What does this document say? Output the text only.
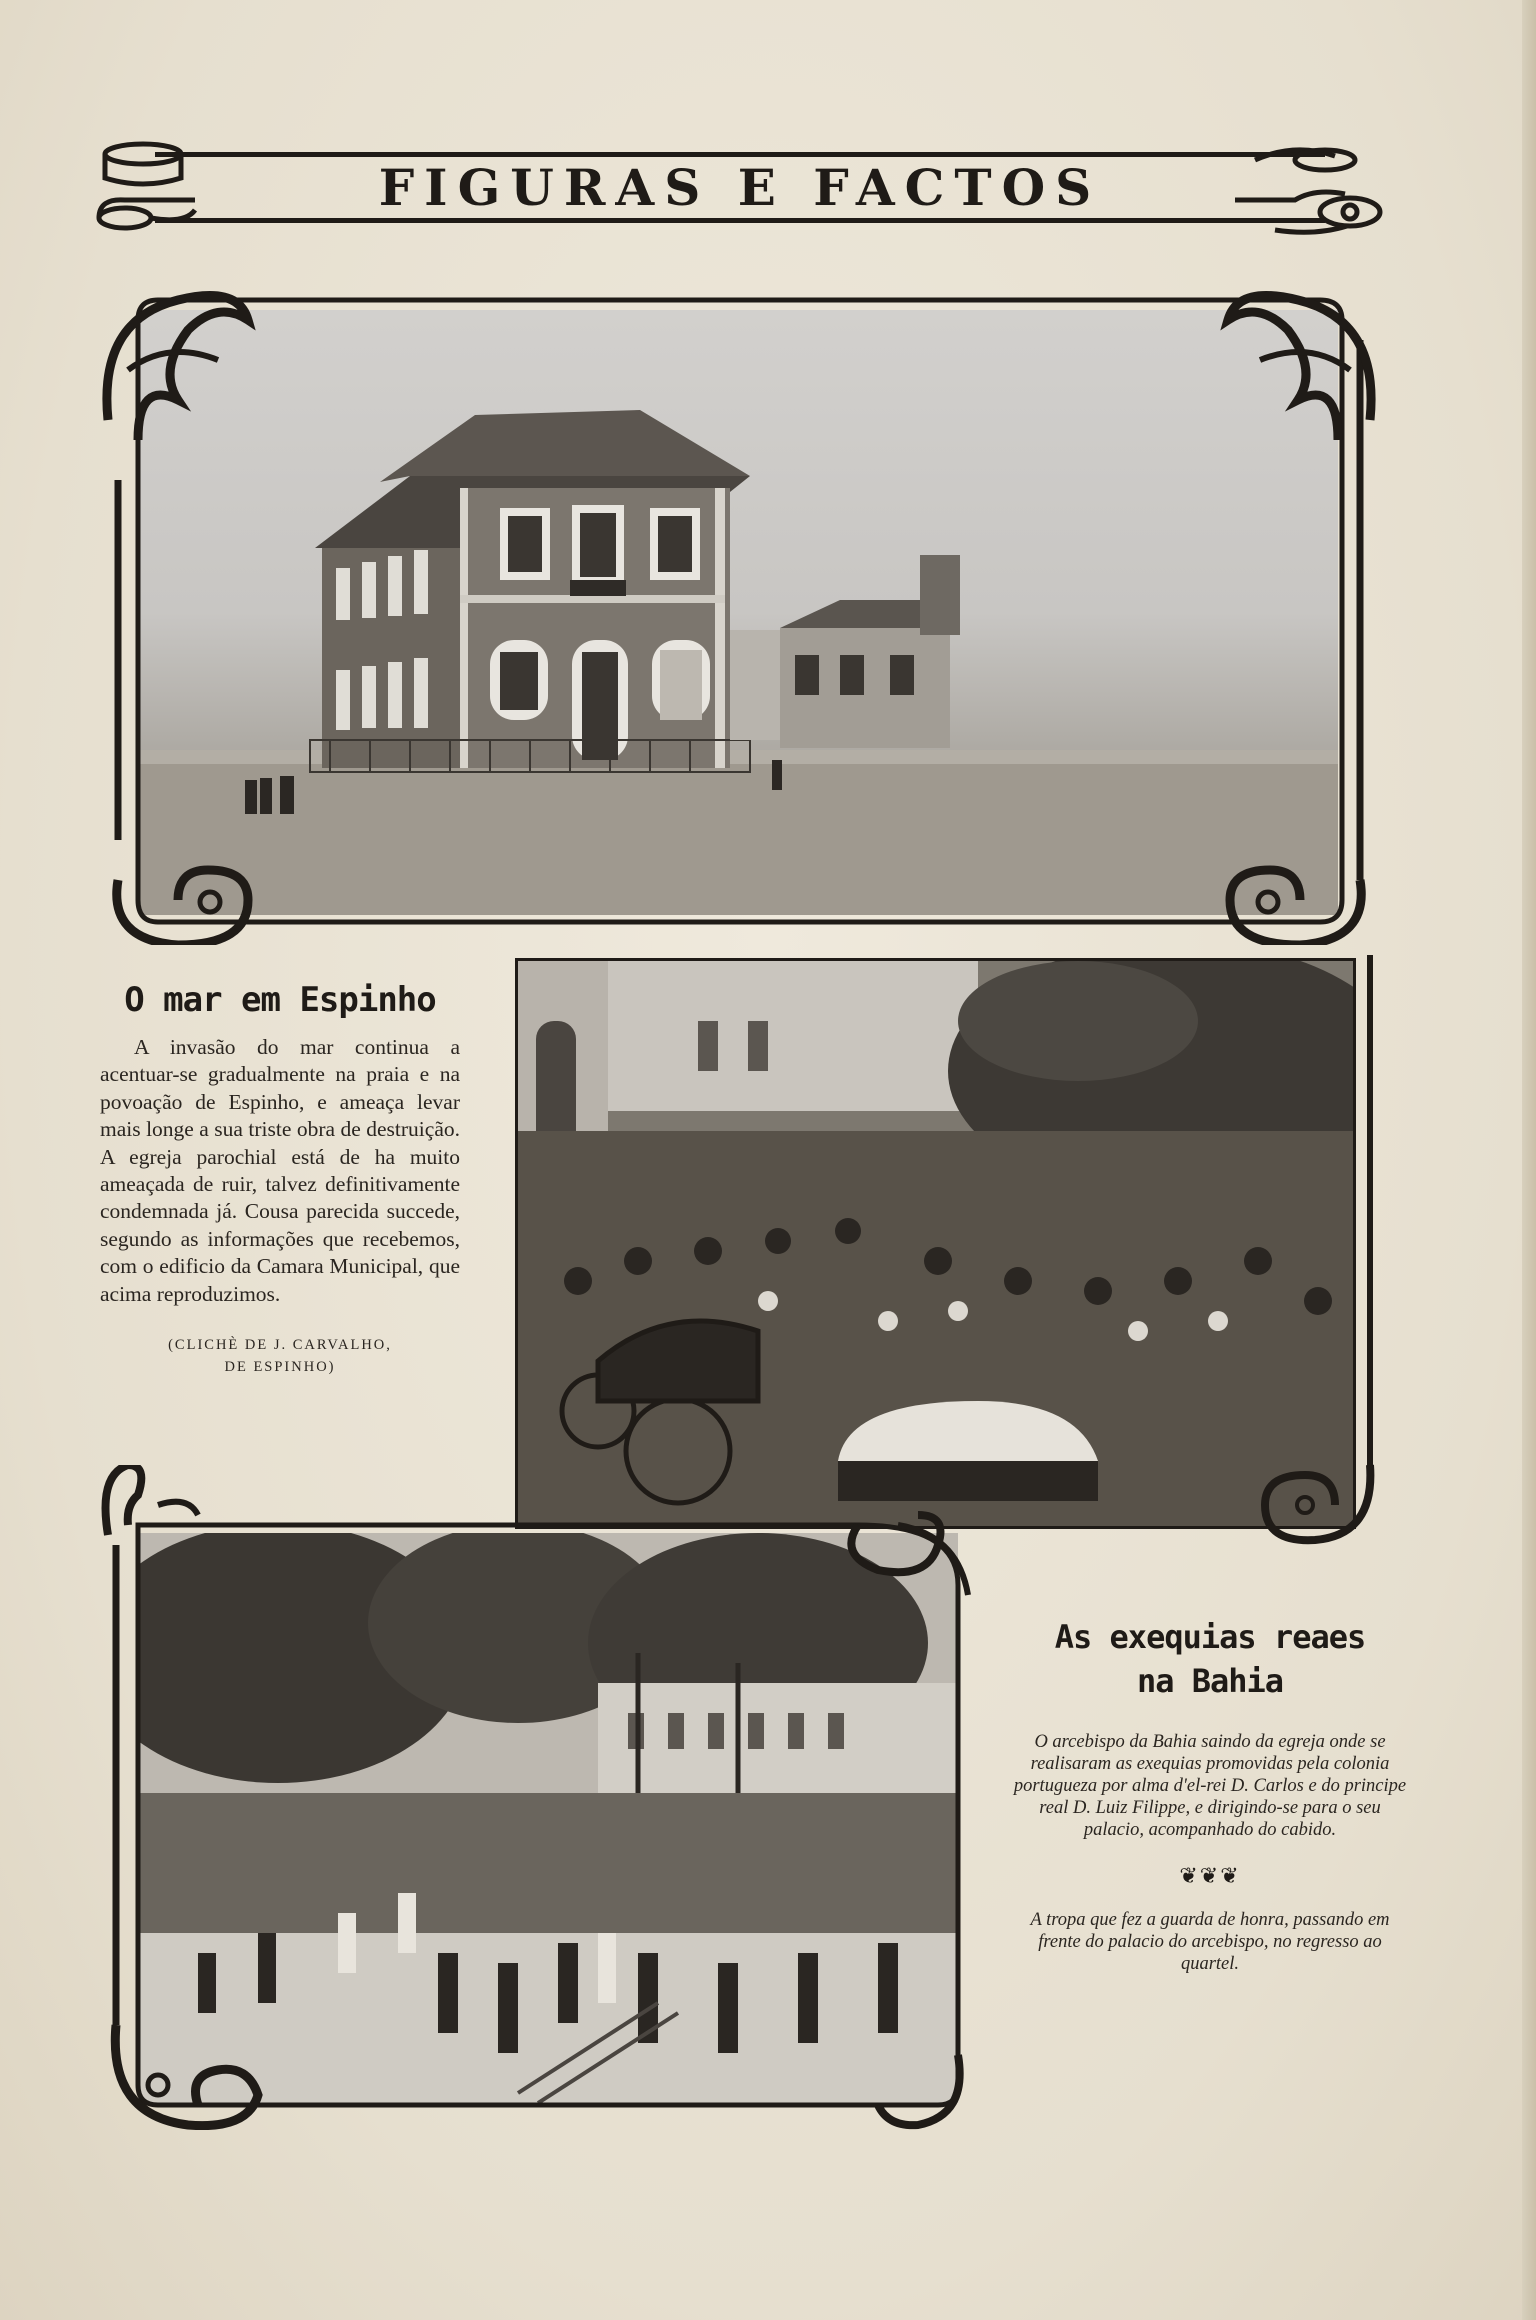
FIGURAS E FACTOS
O mar em Espinho

A invasão do mar continua a acentuar-se gradualmente na praia e na povoação de Espinho, e ameaça levar mais longe a sua triste obra de destruição. A egreja parochial está de ha muito ameaçada de ruir, talvez definitivamente condemnada já. Cousa parecida succede, segundo as informações que recebemos, com o edificio da Camara Municipal, que acima reproduzimos.

(CLICHÈ DE J. CARVALHO,
DE ESPINHO)
As exequias reaes
na Bahia

O arcebispo da Bahia saindo da egreja onde se realisaram as exequias promovidas pela colonia portugueza por alma d'el-rei D. Carlos e do principe real D. Luiz Filippe, e dirigindo-se para o seu palacio, acompanhado do cabido.

❦❦❦

A tropa que fez a guarda de honra, passando em frente do palacio do arcebispo, no regresso ao quartel.
